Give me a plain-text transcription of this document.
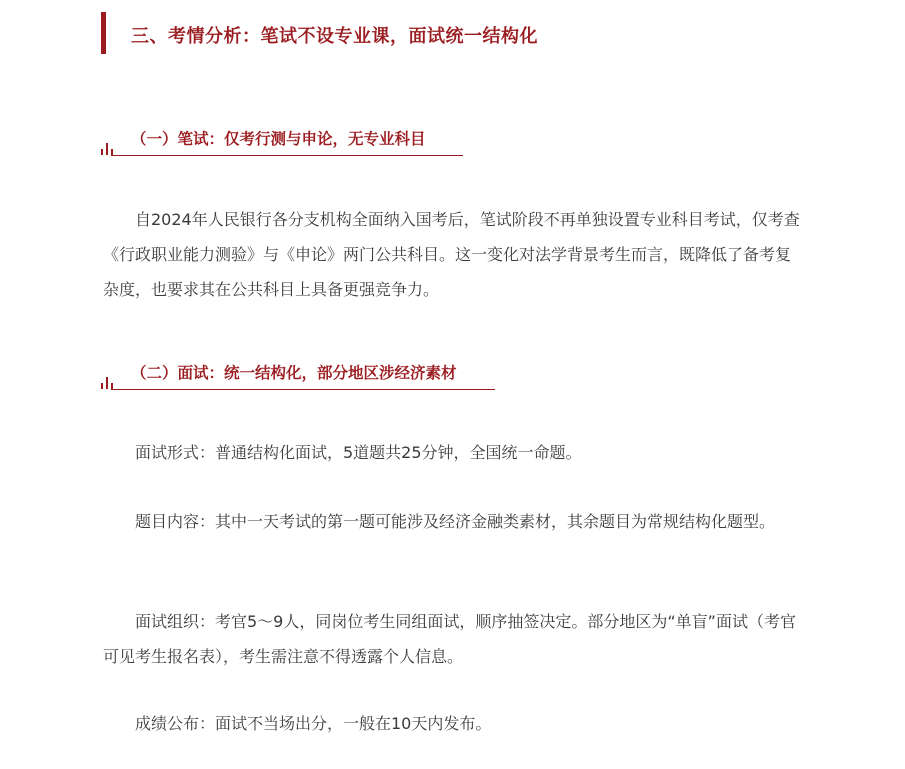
三、考情分析：笔试不设专业课，面试统一结构化
（一）笔试：仅考行测与申论，无专业科目

　　自2024年人民银行各分支机构全面纳入国考后，笔试阶段不再单独设置专业科目考试，仅考查《行政职业能力测验》与《申论》两门公共科目。这一变化对法学背景考生而言，既降低了备考复杂度，也要求其在公共科目上具备更强竞争力。

（二）面试：统一结构化，部分地区涉经济素材

　　面试形式：普通结构化面试，5道题共25分钟，全国统一命题。

　　题目内容：其中一天考试的第一题可能涉及经济金融类素材，其余题目为常规结构化题型。

　　面试组织：考官5～9人，同岗位考生同组面试，顺序抽签决定。部分地区为“单盲”面试（考官可见考生报名表），考生需注意不得透露个人信息。

　　成绩公布：面试不当场出分，一般在10天内发布。
